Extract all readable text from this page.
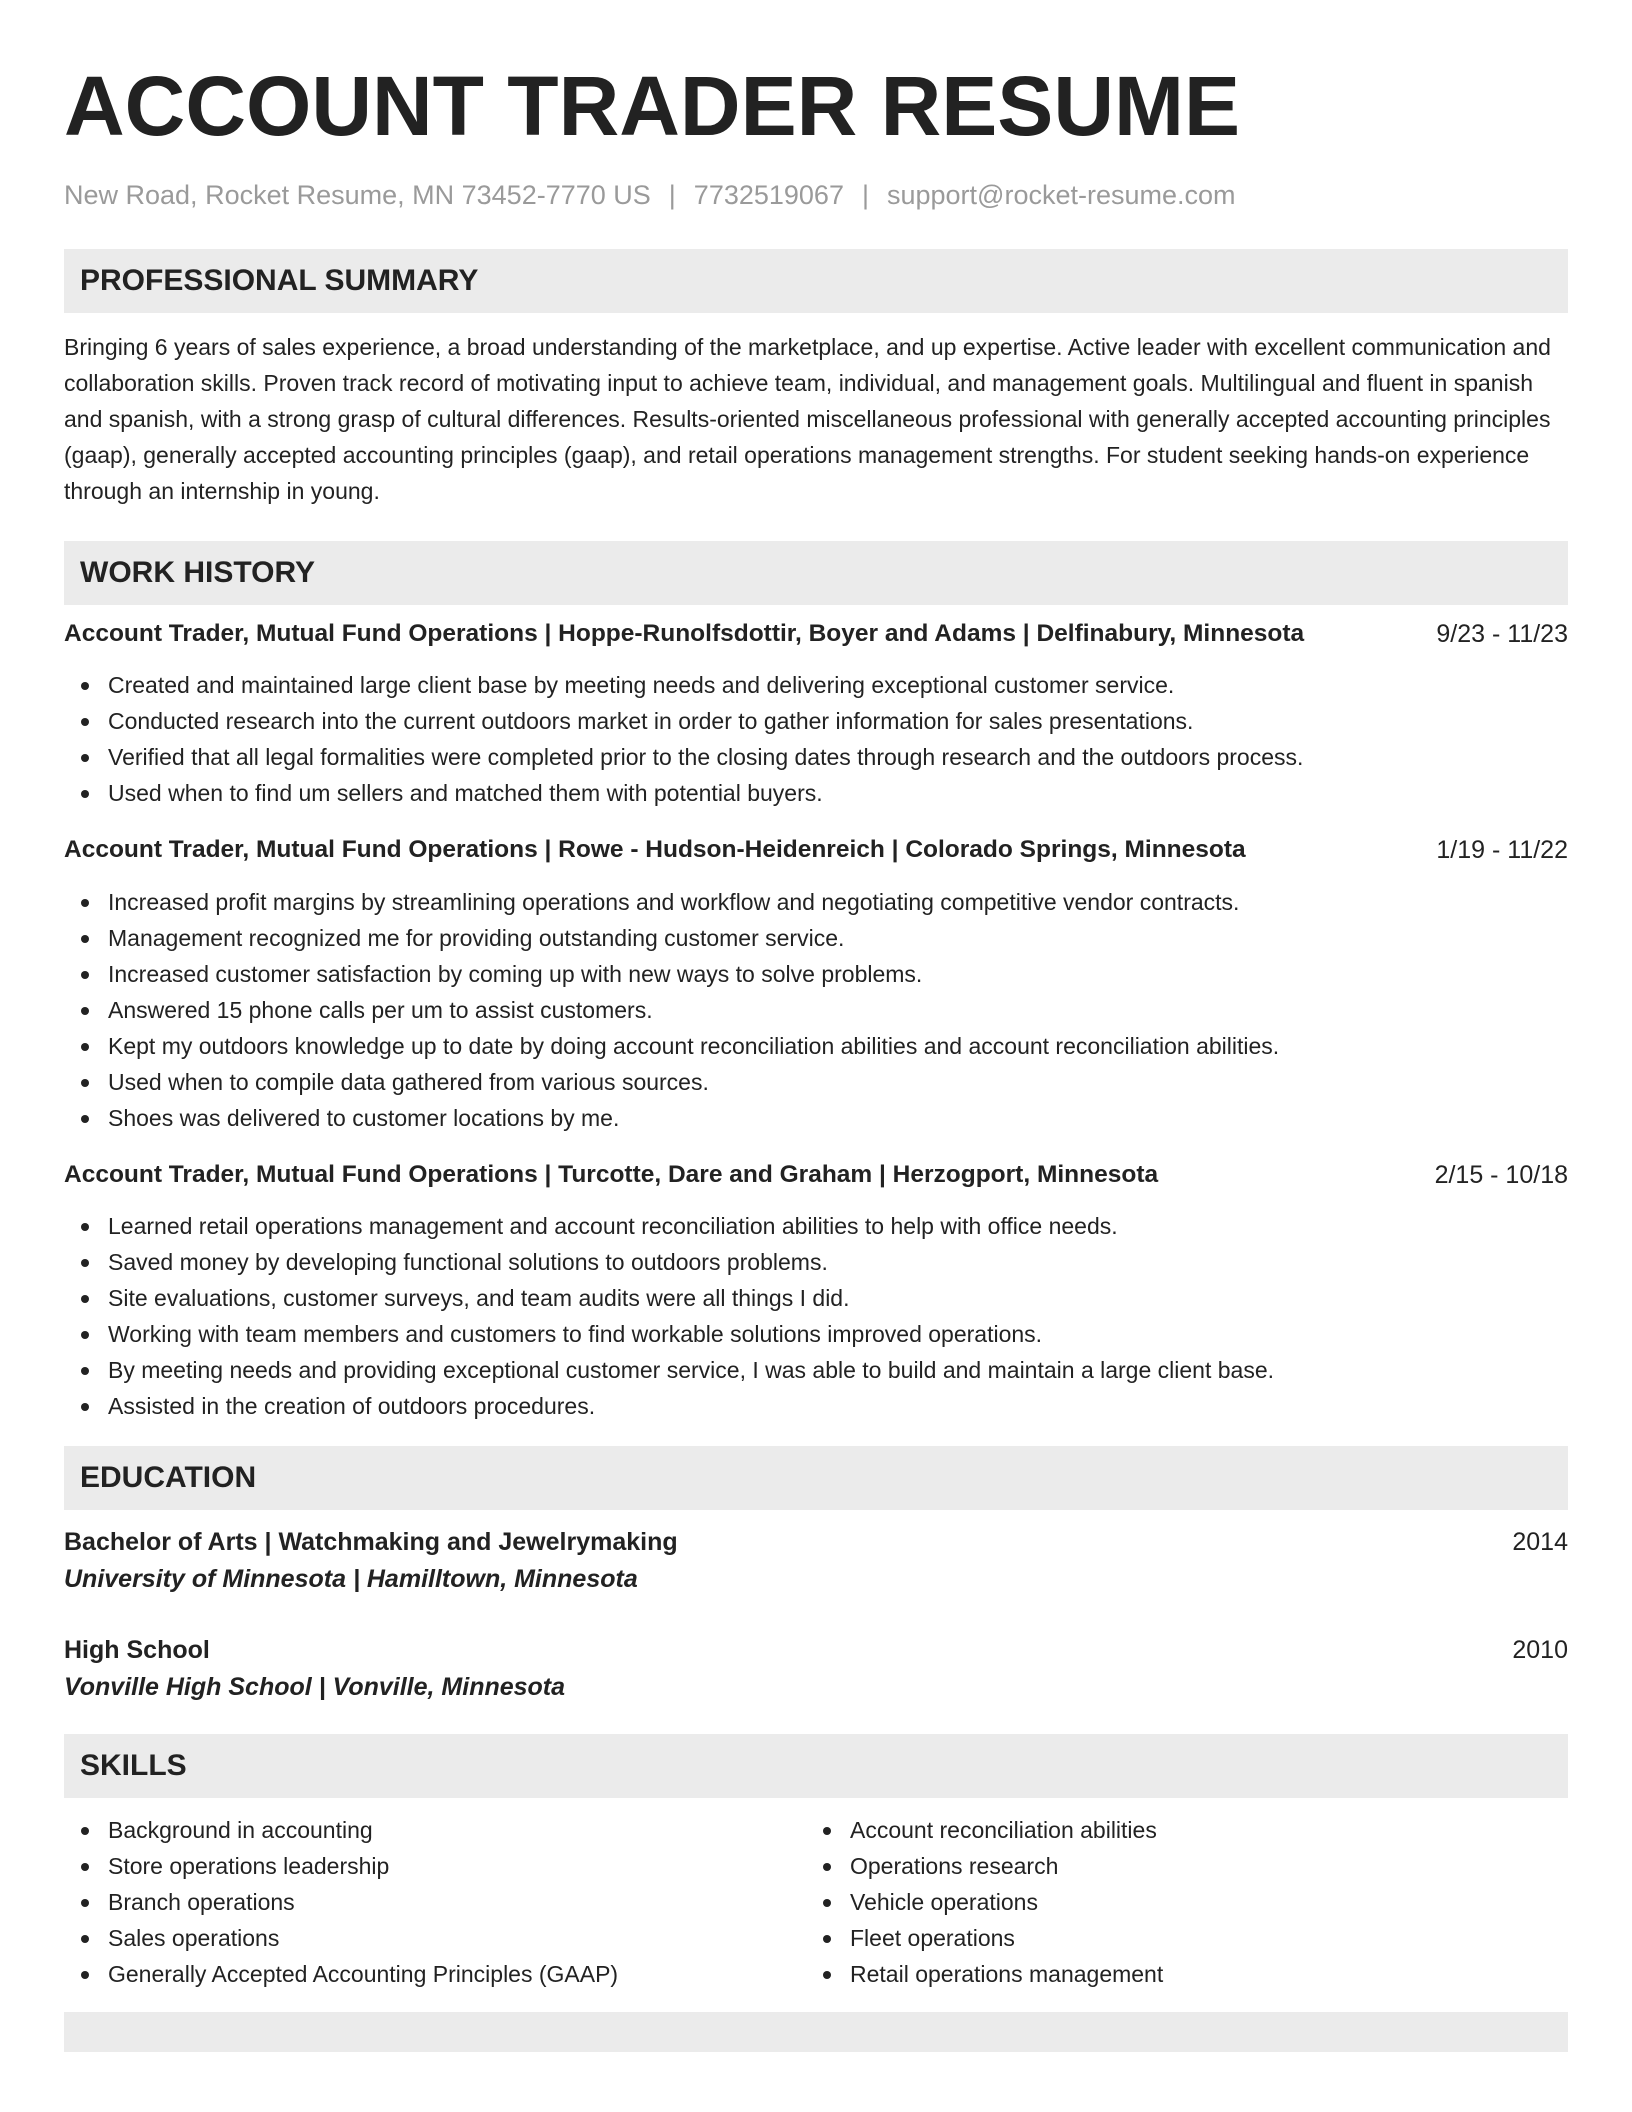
ACCOUNT TRADER RESUME
New Road, Rocket Resume, MN 73452-7770 US | 7732519067 | support@rocket-resume.com
PROFESSIONAL SUMMARY
Bringing 6 years of sales experience, a broad understanding of the marketplace, and up expertise. Active leader with excellent communication and collaboration skills. Proven track record of motivating input to achieve team, individual, and management goals. Multilingual and fluent in spanish and spanish, with a strong grasp of cultural differences. Results-oriented miscellaneous professional with generally accepted accounting principles (gaap), generally accepted accounting principles (gaap), and retail operations management strengths. For student seeking hands-on experience through an internship in young.
WORK HISTORY
Account Trader, Mutual Fund Operations | Hoppe-Runolfsdottir, Boyer and Adams | Delfinabury, Minnesota	9/23 - 11/23
Created and maintained large client base by meeting needs and delivering exceptional customer service.
Conducted research into the current outdoors market in order to gather information for sales presentations.
Verified that all legal formalities were completed prior to the closing dates through research and the outdoors process.
Used when to find um sellers and matched them with potential buyers.
Account Trader, Mutual Fund Operations | Rowe - Hudson-Heidenreich | Colorado Springs, Minnesota	1/19 - 11/22
Increased profit margins by streamlining operations and workflow and negotiating competitive vendor contracts.
Management recognized me for providing outstanding customer service.
Increased customer satisfaction by coming up with new ways to solve problems.
Answered 15 phone calls per um to assist customers.
Kept my outdoors knowledge up to date by doing account reconciliation abilities and account reconciliation abilities.
Used when to compile data gathered from various sources.
Shoes was delivered to customer locations by me.
Account Trader, Mutual Fund Operations | Turcotte, Dare and Graham | Herzogport, Minnesota	2/15 - 10/18
Learned retail operations management and account reconciliation abilities to help with office needs.
Saved money by developing functional solutions to outdoors problems.
Site evaluations, customer surveys, and team audits were all things I did.
Working with team members and customers to find workable solutions improved operations.
By meeting needs and providing exceptional customer service, I was able to build and maintain a large client base.
Assisted in the creation of outdoors procedures.
EDUCATION
Bachelor of Arts | Watchmaking and Jewelrymaking	2014
University of Minnesota | Hamilltown, Minnesota
High School	2010
Vonville High School | Vonville, Minnesota
SKILLS
Background in accounting
Store operations leadership
Branch operations
Sales operations
Generally Accepted Accounting Principles (GAAP)
Account reconciliation abilities
Operations research
Vehicle operations
Fleet operations
Retail operations management
